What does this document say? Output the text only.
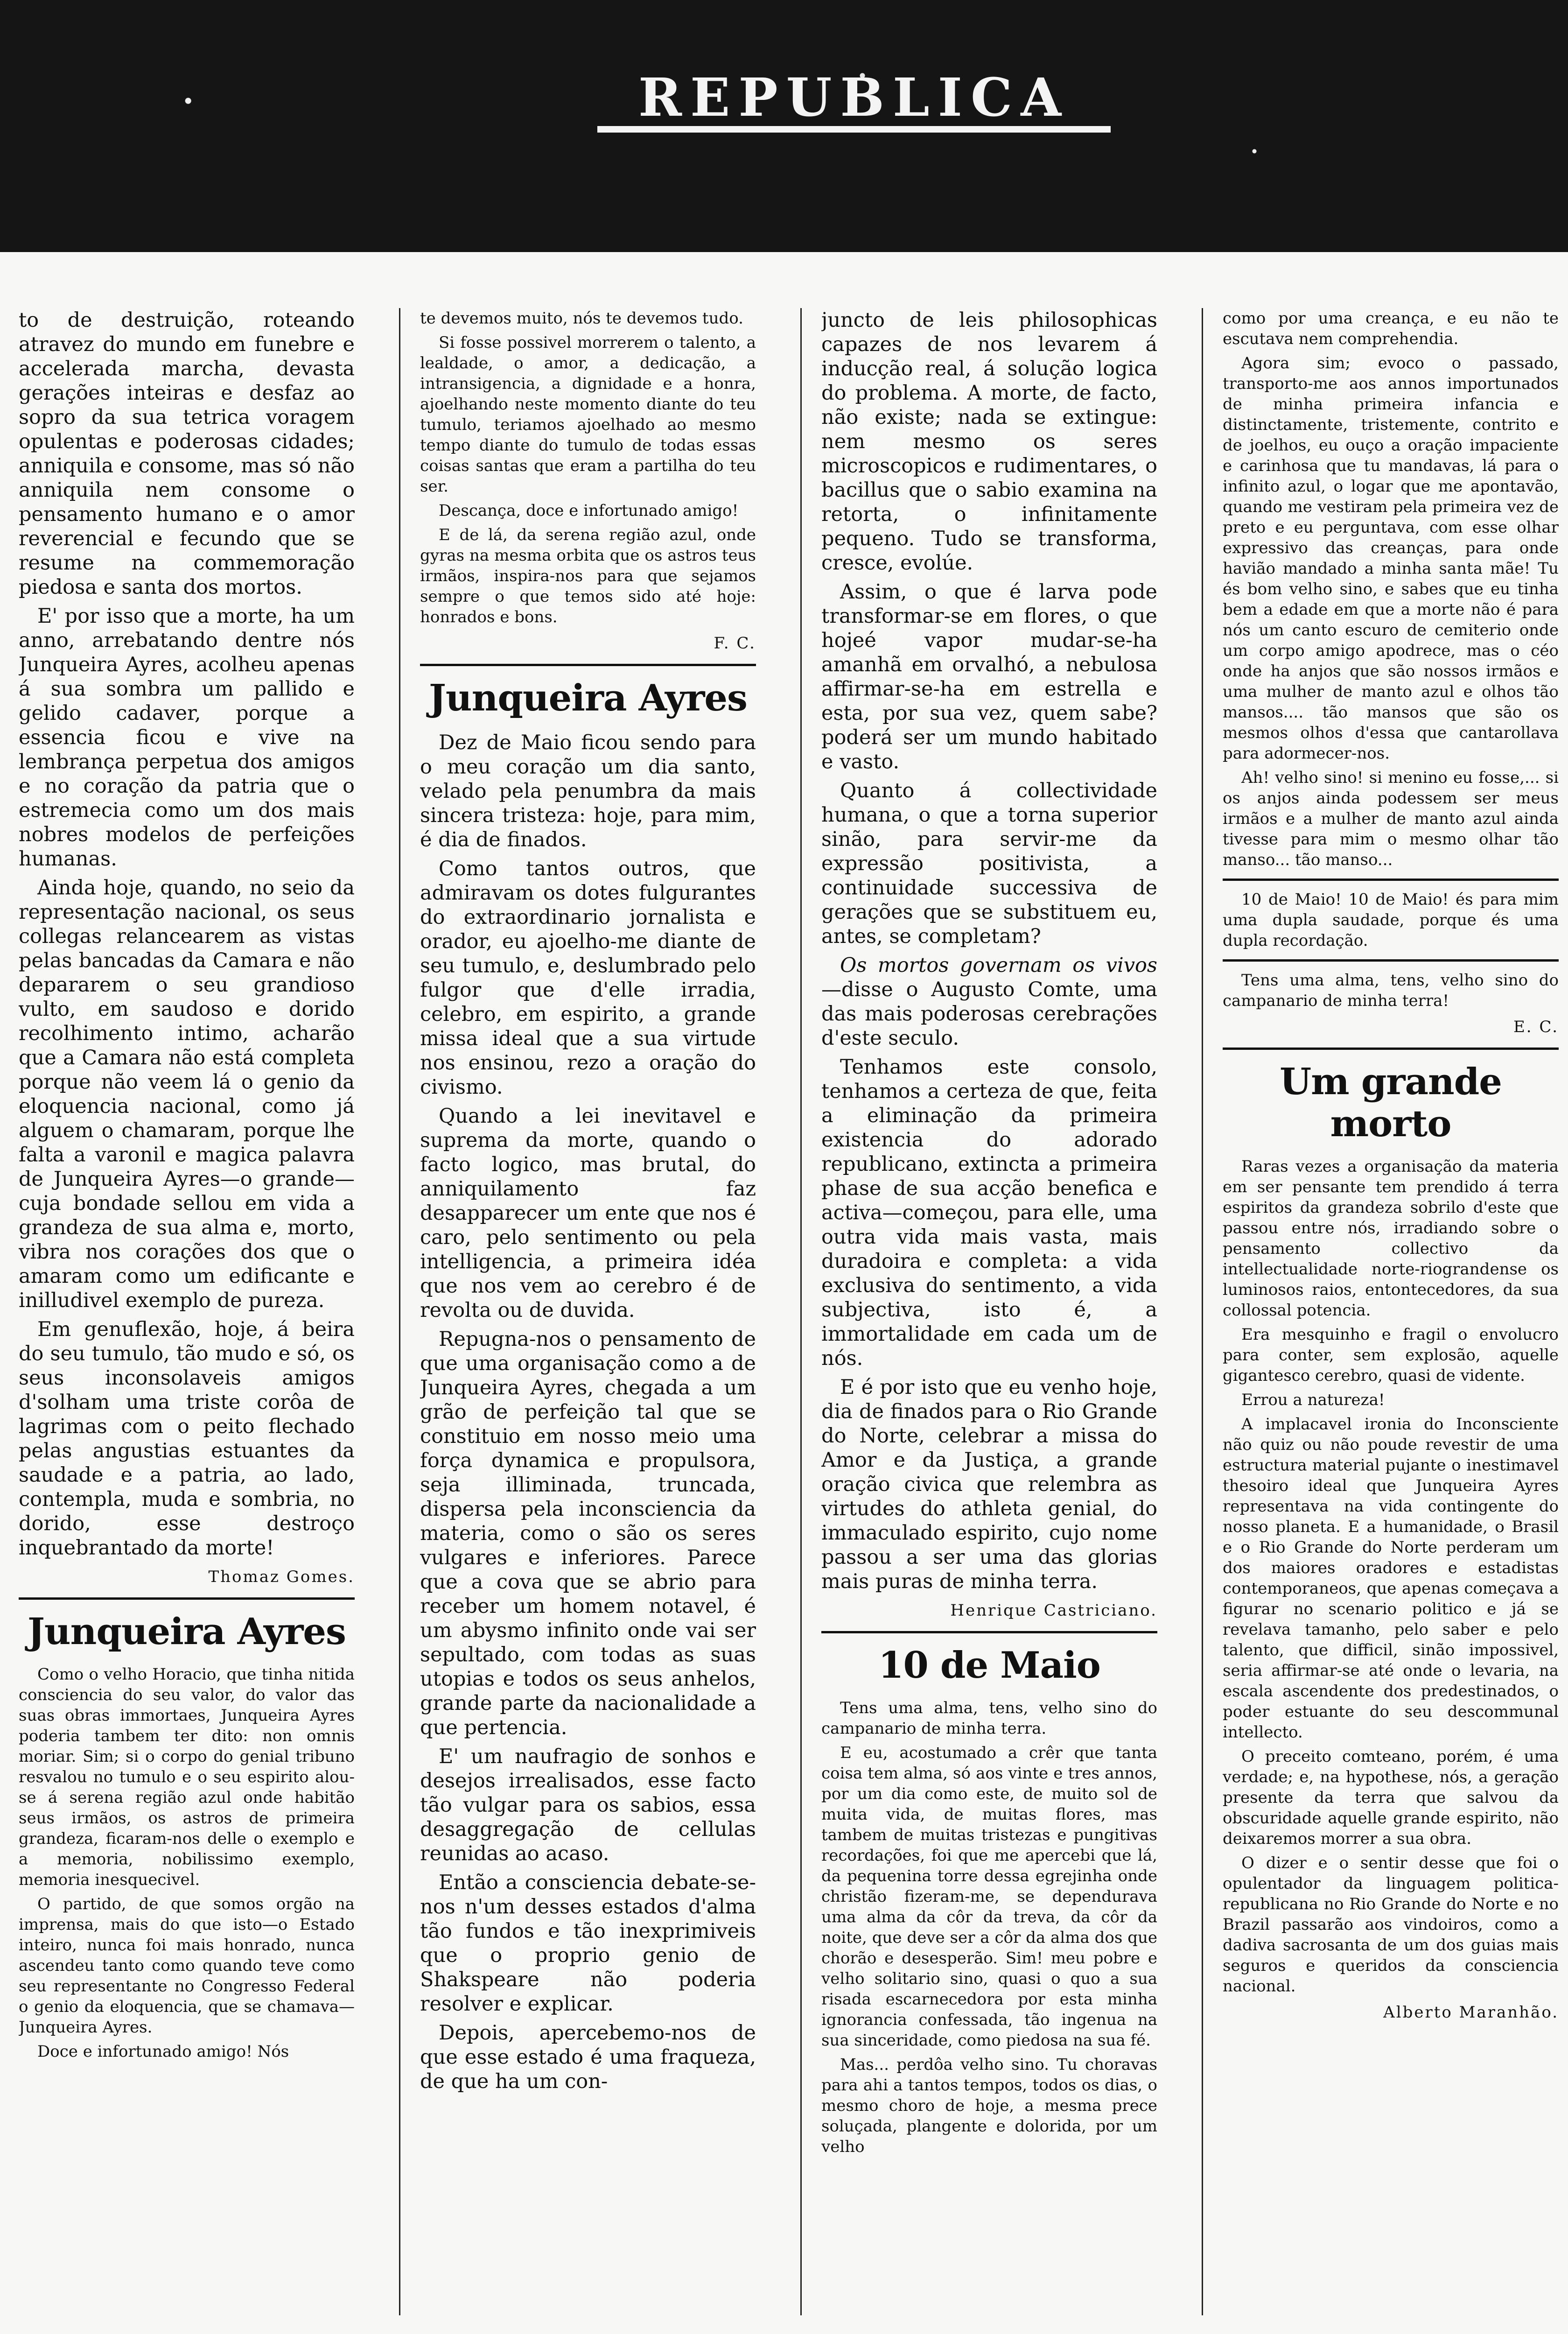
REPUBLICA

to de destruição, roteando atravez do mundo em funebre e accelerada marcha, devasta gerações inteiras e desfaz ao sopro da sua tetrica voragem opulentas e poderosas cidades; anniquila e consome, mas só não anniquila nem consome o pensamento humano e o amor reverencial e fecundo que se resume na commemoração piedosa e santa dos mortos.

E' por isso que a morte, ha um anno, arrebatando dentre nós Junqueira Ayres, acolheu apenas á sua sombra um pallido e gelido cadaver, porque a essencia ficou e vive na lembrança perpetua dos amigos e no coração da patria que o estremecia como um dos mais nobres modelos de perfeições humanas.

Ainda hoje, quando, no seio da representação nacional, os seus collegas relancearem as vistas pelas bancadas da Camara e não depararem o seu grandioso vulto, em saudoso e dorido recolhimento intimo, acharão que a Camara não está completa porque não veem lá o genio da eloquencia nacional, como já alguem o chamaram, porque lhe falta a varonil e magica palavra de Junqueira Ayres—o grande—cuja bondade sellou em vida a grandeza de sua alma e, morto, vibra nos corações dos que o amaram como um edificante e inilludivel exemplo de pureza.

Em genuflexão, hoje, á beira do seu tumulo, tão mudo e só, os seus inconsolaveis amigos d'solham uma triste corôa de lagrimas com o peito flechado pelas angustias estuantes da saudade e a patria, ao lado, contempla, muda e sombria, no dorido, esse destroço inquebrantado da morte!

Thomaz Gomes.

Junqueira Ayres

Como o velho Horacio, que tinha nitida consciencia do seu valor, do valor das suas obras immortaes, Junqueira Ayres poderia tambem ter dito: non omnis moriar. Sim; si o corpo do genial tribuno resvalou no tumulo e o seu espirito alou-se á serena região azul onde habitão seus irmãos, os astros de primeira grandeza, ficaram-nos delle o exemplo e a memoria, nobilissimo exemplo, memoria inesquecivel.

O partido, de que somos orgão na imprensa, mais do que isto—o Estado inteiro, nunca foi mais honrado, nunca ascendeu tanto como quando teve como seu representante no Congresso Federal o genio da eloquencia, que se chamava—Junqueira Ayres.

Doce e infortunado amigo! Nós

te devemos muito, nós te devemos tudo.

Si fosse possivel morrerem o talento, a lealdade, o amor, a dedicação, a intransigencia, a dignidade e a honra, ajoelhando neste momento diante do teu tumulo, teriamos ajoelhado ao mesmo tempo diante do tumulo de todas essas coisas santas que eram a partilha do teu ser.

Descança, doce e infortunado amigo!

E de lá, da serena região azul, onde gyras na mesma orbita que os astros teus irmãos, inspira-nos para que sejamos sempre o que temos sido até hoje: honrados e bons.

F. C.

Junqueira Ayres

Dez de Maio ficou sendo para o meu coração um dia santo, velado pela penumbra da mais sincera tristeza: hoje, para mim, é dia de finados.

Como tantos outros, que admiravam os dotes fulgurantes do extraordinario jornalista e orador, eu ajoelho-me diante de seu tumulo, e, deslumbrado pelo fulgor que d'elle irradia, celebro, em espirito, a grande missa ideal que a sua virtude nos ensinou, rezo a oração do civismo.

Quando a lei inevitavel e suprema da morte, quando o facto logico, mas brutal, do anniquilamento faz desapparecer um ente que nos é caro, pelo sentimento ou pela intelligencia, a primeira idéa que nos vem ao cerebro é de revolta ou de duvida.

Repugna-nos o pensamento de que uma organisação como a de Junqueira Ayres, chegada a um grão de perfeição tal que se constituio em nosso meio uma força dynamica e propulsora, seja illiminada, truncada, dispersa pela inconsciencia da materia, como o são os seres vulgares e inferiores. Parece que a cova que se abrio para receber um homem notavel, é um abysmo infinito onde vai ser sepultado, com todas as suas utopias e todos os seus anhelos, grande parte da nacionalidade a que pertencia.

E' um naufragio de sonhos e desejos irrealisados, esse facto tão vulgar para os sabios, essa desaggregação de cellulas reunidas ao acaso.

Então a consciencia debate-se-nos n'um desses estados d'alma tão fundos e tão inexprimiveis que o proprio genio de Shakspeare não poderia resolver e explicar.

Depois, apercebemo-nos de que esse estado é uma fraqueza, de que ha um con-

juncto de leis philosophicas capazes de nos levarem á inducção real, á solução logica do problema. A morte, de facto, não existe; nada se extingue: nem mesmo os seres microscopicos e rudimentares, o bacillus que o sabio examina na retorta, o infinitamente pequeno. Tudo se transforma, cresce, evolúe.

Assim, o que é larva pode transformar-se em flores, o que hojeé vapor mudar-se-ha amanhã em orvalhó, a nebulosa affirmar-se-ha em estrella e esta, por sua vez, quem sabe? poderá ser um mundo habitado e vasto.

Quanto á collectividade humana, o que a torna superior sinão, para servir-me da expressão positivista, a continuidade successiva de gerações que se substituem eu, antes, se completam?

Os mortos governam os vivos—disse o Augusto Comte, uma das mais poderosas cerebrações d'este seculo.

Tenhamos este consolo, tenhamos a certeza de que, feita a eliminação da primeira existencia do adorado republicano, extincta a primeira phase de sua acção benefica e activa—começou, para elle, uma outra vida mais vasta, mais duradoira e completa: a vida exclusiva do sentimento, a vida subjectiva, isto é, a immortalidade em cada um de nós.

E é por isto que eu venho hoje, dia de finados para o Rio Grande do Norte, celebrar a missa do Amor e da Justiça, a grande oração civica que relembra as virtudes do athleta genial, do immaculado espirito, cujo nome passou a ser uma das glorias mais puras de minha terra.

Henrique Castriciano.

10 de Maio

Tens uma alma, tens, velho sino do campanario de minha terra.

E eu, acostumado a crêr que tanta coisa tem alma, só aos vinte e tres annos, por um dia como este, de muito sol de muita vida, de muitas flores, mas tambem de muitas tristezas e pungitivas recordações, foi que me apercebi que lá, da pequenina torre dessa egrejinha onde christão fizeram-me, se dependurava uma alma da côr da treva, da côr da noite, que deve ser a côr da alma dos que chorão e desesperão. Sim! meu pobre e velho solitario sino, quasi o quo a sua risada escarnecedora por esta minha ignorancia confessada, tão ingenua na sua sinceridade, como piedosa na sua fé.

Mas... perdôa velho sino. Tu choravas para ahi a tantos tempos, todos os dias, o mesmo choro de hoje, a mesma prece soluçada, plangente e dolorida, por um velho

como por uma creança, e eu não te escutava nem comprehendia.

Agora sim; evoco o passado, transporto-me aos annos importunados de minha primeira infancia e distinctamente, tristemente, contrito e de joelhos, eu ouço a oração impaciente e carinhosa que tu mandavas, lá para o infinito azul, o logar que me apontavão, quando me vestiram pela primeira vez de preto e eu perguntava, com esse olhar expressivo das creanças, para onde havião mandado a minha santa mãe! Tu és bom velho sino, e sabes que eu tinha bem a edade em que a morte não é para nós um canto escuro de cemiterio onde um corpo amigo apodrece, mas o céo onde ha anjos que são nossos irmãos e uma mulher de manto azul e olhos tão mansos.... tão mansos que são os mesmos olhos d'essa que cantarollava para adormecer-nos.

Ah! velho sino! si menino eu fosse,... si os anjos ainda podessem ser meus irmãos e a mulher de manto azul ainda tivesse para mim o mesmo olhar tão manso... tão manso...

10 de Maio! 10 de Maio! és para mim uma dupla saudade, porque és uma dupla recordação.

Tens uma alma, tens, velho sino do campanario de minha terra!

E. C.

Um grande morto

Raras vezes a organisação da materia em ser pensante tem prendido á terra espiritos da grandeza sobrilo d'este que passou entre nós, irradiando sobre o pensamento collectivo da intellectualidade norte-riograndense os luminosos raios, entontecedores, da sua collossal potencia.

Era mesquinho e fragil o envolucro para conter, sem explosão, aquelle gigantesco cerebro, quasi de vidente.

Errou a natureza!

A implacavel ironia do Inconsciente não quiz ou não poude revestir de uma estructura material pujante o inestimavel thesoiro ideal que Junqueira Ayres representava na vida contingente do nosso planeta. E a humanidade, o Brasil e o Rio Grande do Norte perderam um dos maiores oradores e estadistas contemporaneos, que apenas começava a figurar no scenario politico e já se revelava tamanho, pelo saber e pelo talento, que difficil, sinão impossivel, seria affirmar-se até onde o levaria, na escala ascendente dos predestinados, o poder estuante do seu descommunal intellecto.

O preceito comteano, porém, é uma verdade; e, na hypothese, nós, a geração presente da terra que salvou da obscuridade aquelle grande espirito, não deixaremos morrer a sua obra.

O dizer e o sentir desse que foi o opulentador da linguagem politica-republicana no Rio Grande do Norte e no Brazil passarão aos vindoiros, como a dadiva sacrosanta de um dos guias mais seguros e queridos da consciencia nacional.

Alberto Maranhão.
